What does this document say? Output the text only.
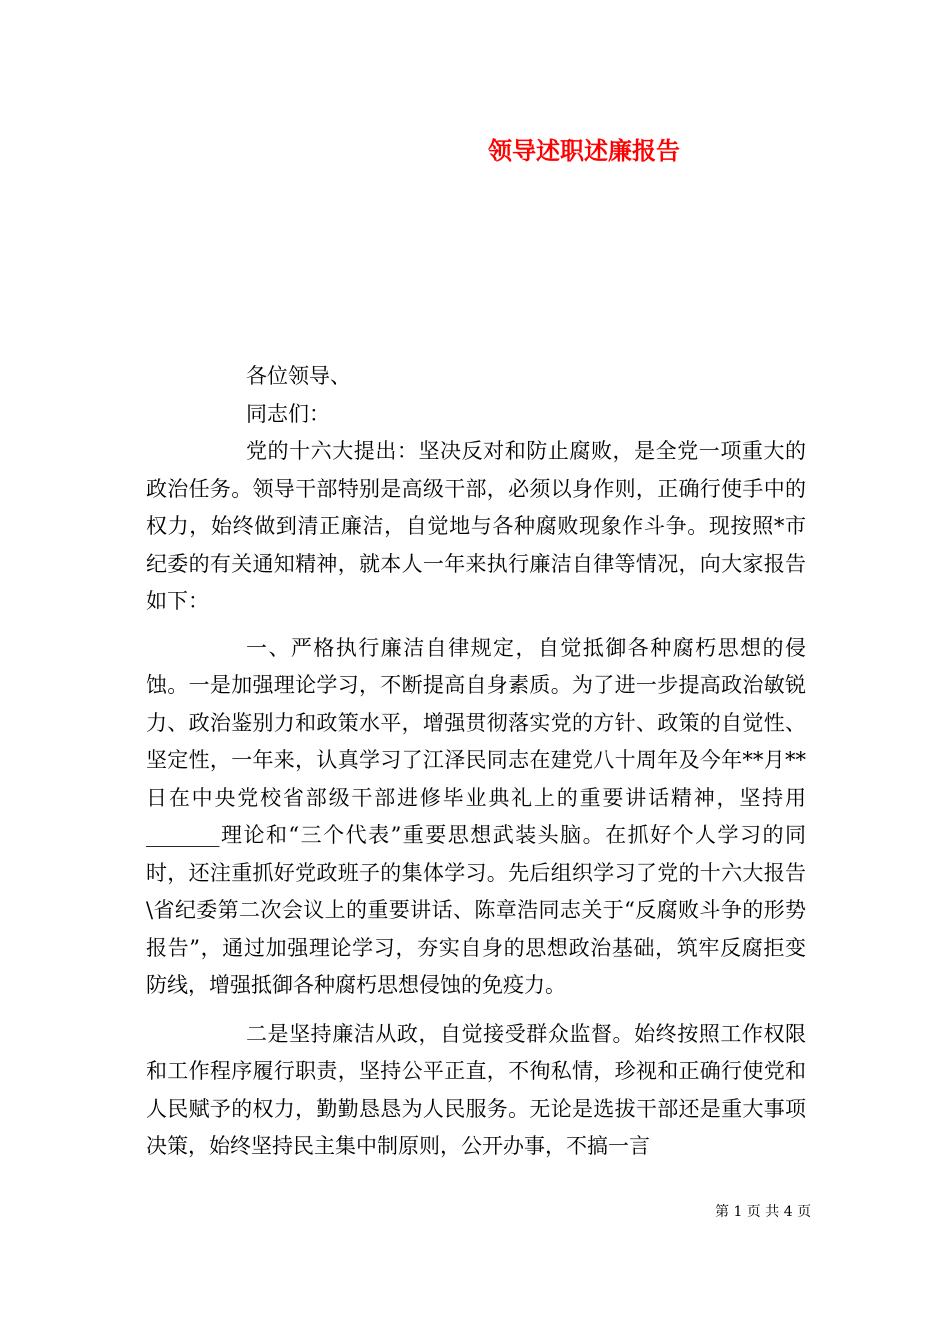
领导述职述廉报告

各位领导、

同志们：

党的十六大提出：坚决反对和防止腐败，是全党一项重大的政治任务。领导干部特别是高级干部，必须以身作则，正确行使手中的权力，始终做到清正廉洁，自觉地与各种腐败现象作斗争。现按照*市纪委的有关通知精神，就本人一年来执行廉洁自律等情况，向大家报告如下：

一、严格执行廉洁自律规定，自觉抵御各种腐朽思想的侵蚀。一是加强理论学习，不断提高自身素质。为了进一步提高政治敏锐力、政治鉴别力和政策水平，增强贯彻落实党的方针、政策的自觉性、坚定性，一年来，认真学习了江泽民同志在建党八十周年及今年**月**日在中央党校省部级干部进修毕业典礼上的重要讲话精神，坚持用_______理论和“三个代表”重要思想武装头脑。在抓好个人学习的同时，还注重抓好党政班子的集体学习。先后组织学习了党的十六大报告\省纪委第二次会议上的重要讲话、陈章浩同志关于“反腐败斗争的形势报告”，通过加强理论学习，夯实自身的思想政治基础，筑牢反腐拒变防线，增强抵御各种腐朽思想侵蚀的免疫力。

二是坚持廉洁从政，自觉接受群众监督。始终按照工作权限和工作程序履行职责，坚持公平正直，不徇私情，珍视和正确行使党和人民赋予的权力，勤勤恳恳为人民服务。无论是选拔干部还是重大事项决策，始终坚持民主集中制原则，公开办事，不搞一言

第 1 页 共 4 页
